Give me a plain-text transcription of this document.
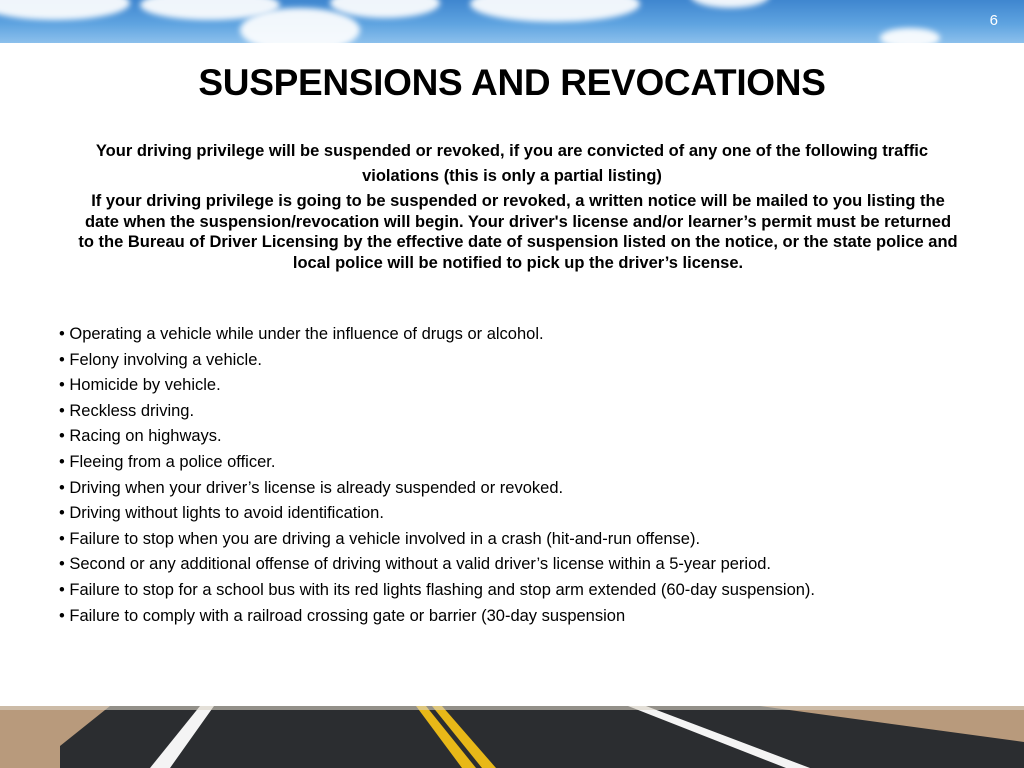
6
SUSPENSIONS AND REVOCATIONS
Your driving privilege will be suspended or revoked, if you are convicted of any one of the following traffic violations (this is only a partial listing)
If your driving privilege is going to be suspended or revoked, a written notice will be mailed to you listing the date when the suspension/revocation will begin. Your driver's license and/or learner’s permit must be returned to the Bureau of Driver Licensing by the effective date of suspension listed on the notice, or the state police and local police will be notified to pick up the driver’s license.
• Operating a vehicle while under the influence of drugs or alcohol.
• Felony involving a vehicle.
• Homicide by vehicle.
• Reckless driving.
• Racing on highways.
• Fleeing from a police officer.
• Driving when your driver’s license is already suspended or revoked.
• Driving without lights to avoid identification.
• Failure to stop when you are driving a vehicle involved in a crash (hit-and-run offense).
• Second or any additional offense of driving without a valid driver’s license within a 5-year period.
• Failure to stop for a school bus with its red lights flashing and stop arm extended (60-day suspension).
• Failure to comply with a railroad crossing gate or barrier (30-day suspension
